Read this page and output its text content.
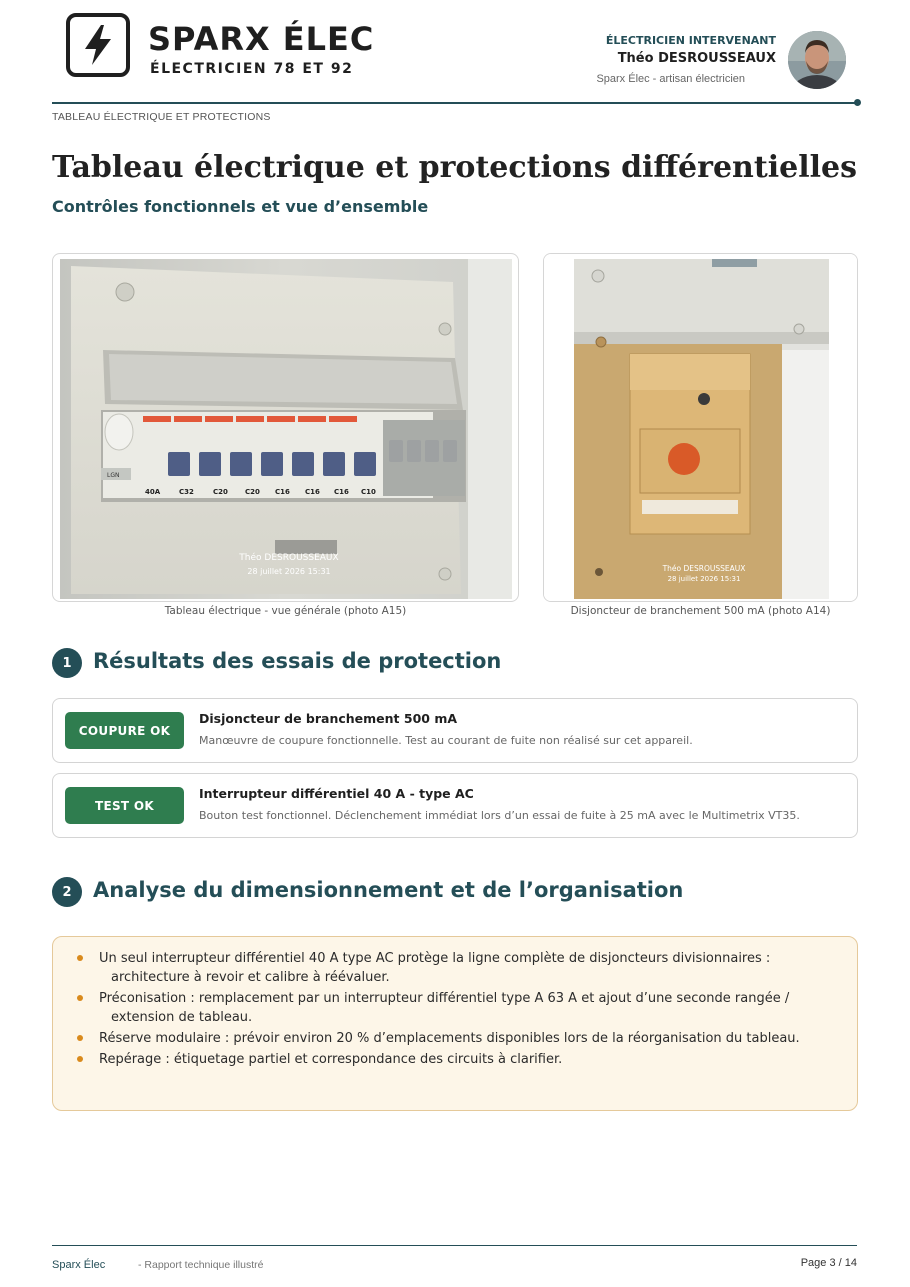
SPARX ÉLEC
ÉLECTRICIEN 78 ET 92
ÉLECTRICIEN INTERVENANT
Théo DESROUSSEAUX
Sparx Élec - artisan électricien
TABLEAU ÉLECTRIQUE ET PROTECTIONS
Tableau électrique et protections différentielles
Contrôles fonctionnels et vue d’ensemble
LGN
40A	C32	C20 C20 C16 C16 C16 C10
Théo DESROUSSEAUX
28 juillet 2026 15:31
Tableau électrique - vue générale (photo A15)
Théo DESROUSSEAUX
28 juillet 2026 15:31
Disjoncteur de branchement 500 mA (photo A14)
1	Résultats des essais de protection
COUPURE OK
Disjoncteur de branchement 500 mA
Manœuvre de coupure fonctionnelle. Test au courant de fuite non réalisé sur cet appareil.
TEST OK
Interrupteur différentiel 40 A - type AC
Bouton test fonctionnel. Déclenchement immédiat lors d’un essai de fuite à 25 mA avec le Multimetrix VT35.
2	Analyse du dimensionnement et de l’organisation
Un seul interrupteur différentiel 40 A type AC protège la ligne complète de disjoncteurs divisionnaires :
architecture à revoir et calibre à réévaluer.
Préconisation : remplacement par un interrupteur différentiel type A 63 A et ajout d’une seconde rangée /
extension de tableau.
Réserve modulaire : prévoir environ 20 % d’emplacements disponibles lors de la réorganisation du tableau.
Repérage : étiquetage partiel et correspondance des circuits à clarifier.
Sparx Élec	- Rapport technique illustré	Page 3 / 14
